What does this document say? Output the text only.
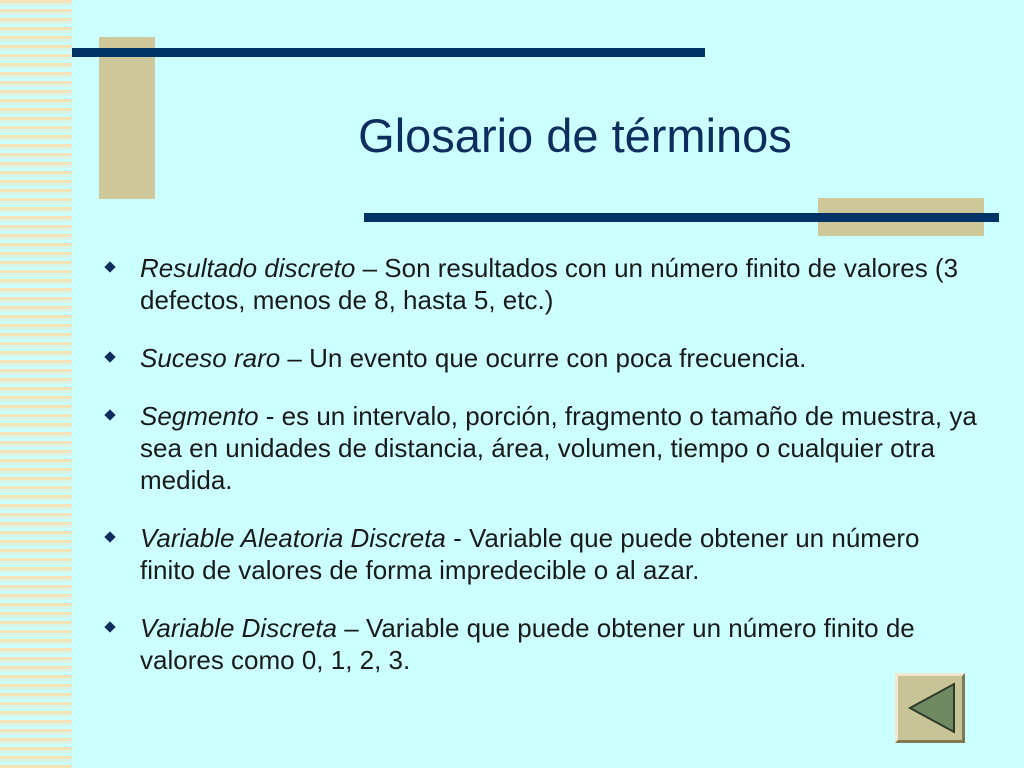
Glosario de términos
Resultado discreto – Son resultados con un número finito de valores (3 defectos, menos de 8, hasta 5, etc.)
Suceso raro – Un evento que ocurre con poca frecuencia.
Segmento - es un intervalo, porción, fragmento o tamaño de muestra, ya sea en unidades de distancia, área, volumen, tiempo o cualquier otra medida.
Variable Aleatoria Discreta - Variable que puede obtener un número finito de valores de forma impredecible o al azar.
Variable Discreta – Variable que puede obtener un número finito de valores como 0, 1, 2, 3.
